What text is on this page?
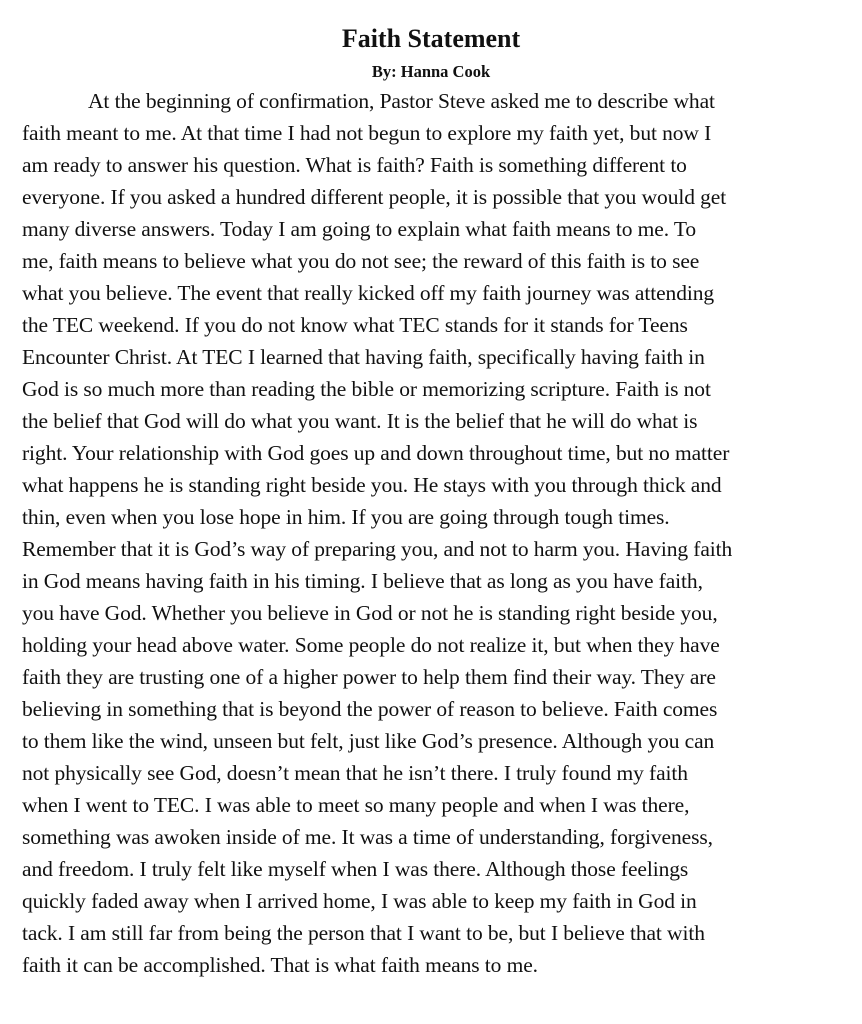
Faith Statement
By: Hanna Cook
At the beginning of confirmation, Pastor Steve asked me to describe what
faith meant to me. At that time I had not begun to explore my faith yet, but now I
am ready to answer his question. What is faith? Faith is something different to
everyone. If you asked a hundred different people, it is possible that you would get
many diverse answers. Today I am going to explain what faith means to me. To
me, faith means to believe what you do not see; the reward of this faith is to see
what you believe. The event that really kicked off my faith journey was attending
the TEC weekend. If you do not know what TEC stands for it stands for Teens
Encounter Christ. At TEC I learned that having faith, specifically having faith in
God is so much more than reading the bible or memorizing scripture. Faith is not
the belief that God will do what you want. It is the belief that he will do what is
right. Your relationship with God goes up and down throughout time, but no matter
what happens he is standing right beside you. He stays with you through thick and
thin, even when you lose hope in him. If you are going through tough times.
Remember that it is God’s way of preparing you, and not to harm you. Having faith
in God means having faith in his timing. I believe that as long as you have faith,
you have God. Whether you believe in God or not he is standing right beside you,
holding your head above water. Some people do not realize it, but when they have
faith they are trusting one of a higher power to help them find their way. They are
believing in something that is beyond the power of reason to believe. Faith comes
to them like the wind, unseen but felt, just like God’s presence. Although you can
not physically see God, doesn’t mean that he isn’t there. I truly found my faith
when I went to TEC. I was able to meet so many people and when I was there,
something was awoken inside of me. It was a time of understanding, forgiveness,
and freedom. I truly felt like myself when I was there. Although those feelings
quickly faded away when I arrived home, I was able to keep my faith in God in
tack. I am still far from being the person that I want to be, but I believe that with
faith it can be accomplished. That is what faith means to me.
